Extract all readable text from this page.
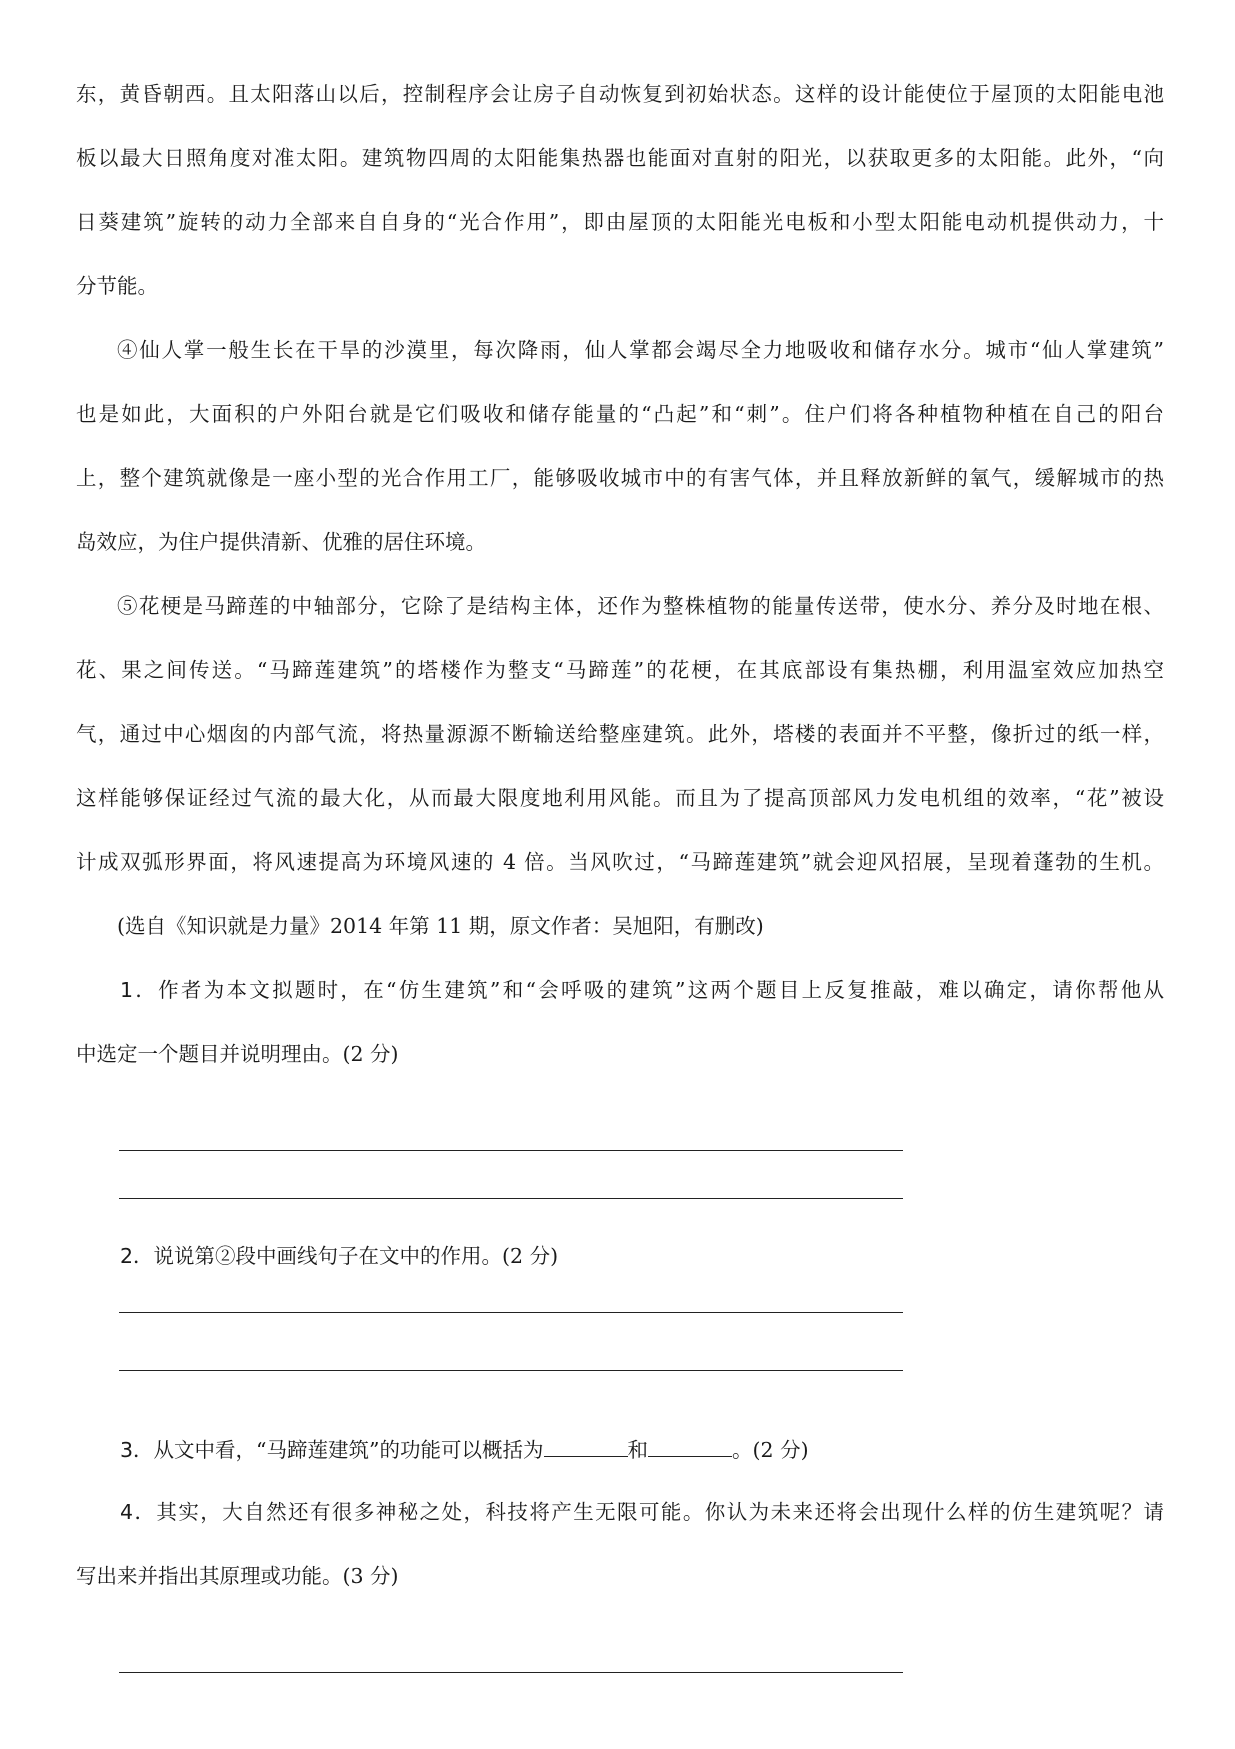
东，黄昏朝西。且太阳落山以后，控制程序会让房子自动恢复到初始状态。这样的设计能使位于屋顶的太阳能电池
板以最大日照角度对准太阳。建筑物四周的太阳能集热器也能面对直射的阳光，以获取更多的太阳能。此外，“向
日葵建筑”旋转的动力全部来自自身的“光合作用”，即由屋顶的太阳能光电板和小型太阳能电动机提供动力，十
分节能。
④仙人掌一般生长在干旱的沙漠里，每次降雨，仙人掌都会竭尽全力地吸收和储存水分。城市“仙人掌建筑”
也是如此，大面积的户外阳台就是它们吸收和储存能量的“凸起”和“刺”。住户们将各种植物种植在自己的阳台
上，整个建筑就像是一座小型的光合作用工厂，能够吸收城市中的有害气体，并且释放新鲜的氧气，缓解城市的热
岛效应，为住户提供清新、优雅的居住环境。
⑤花梗是马蹄莲的中轴部分，它除了是结构主体，还作为整株植物的能量传送带，使水分、养分及时地在根、
花、果之间传送。“马蹄莲建筑”的塔楼作为整支“马蹄莲”的花梗，在其底部设有集热棚，利用温室效应加热空
气，通过中心烟囱的内部气流，将热量源源不断输送给整座建筑。此外，塔楼的表面并不平整，像折过的纸一样，
这样能够保证经过气流的最大化，从而最大限度地利用风能。而且为了提高顶部风力发电机组的效率，“花”被设
计成双弧形界面，将风速提高为环境风速的 4 倍。当风吹过，“马蹄莲建筑”就会迎风招展，呈现着蓬勃的生机。
(选自《知识就是力量》2014 年第 11 期，原文作者：吴旭阳，有删改)
1．作者为本文拟题时，在“仿生建筑”和“会呼吸的建筑”这两个题目上反复推敲，难以确定，请你帮他从
中选定一个题目并说明理由。(2 分)
2．说说第②段中画线句子在文中的作用。(2 分)
3．从文中看，“马蹄莲建筑”的功能可以概括为	和	。(2 分)
4．其实，大自然还有很多神秘之处，科技将产生无限可能。你认为未来还将会出现什么样的仿生建筑呢？请
写出来并指出其原理或功能。(3 分)
